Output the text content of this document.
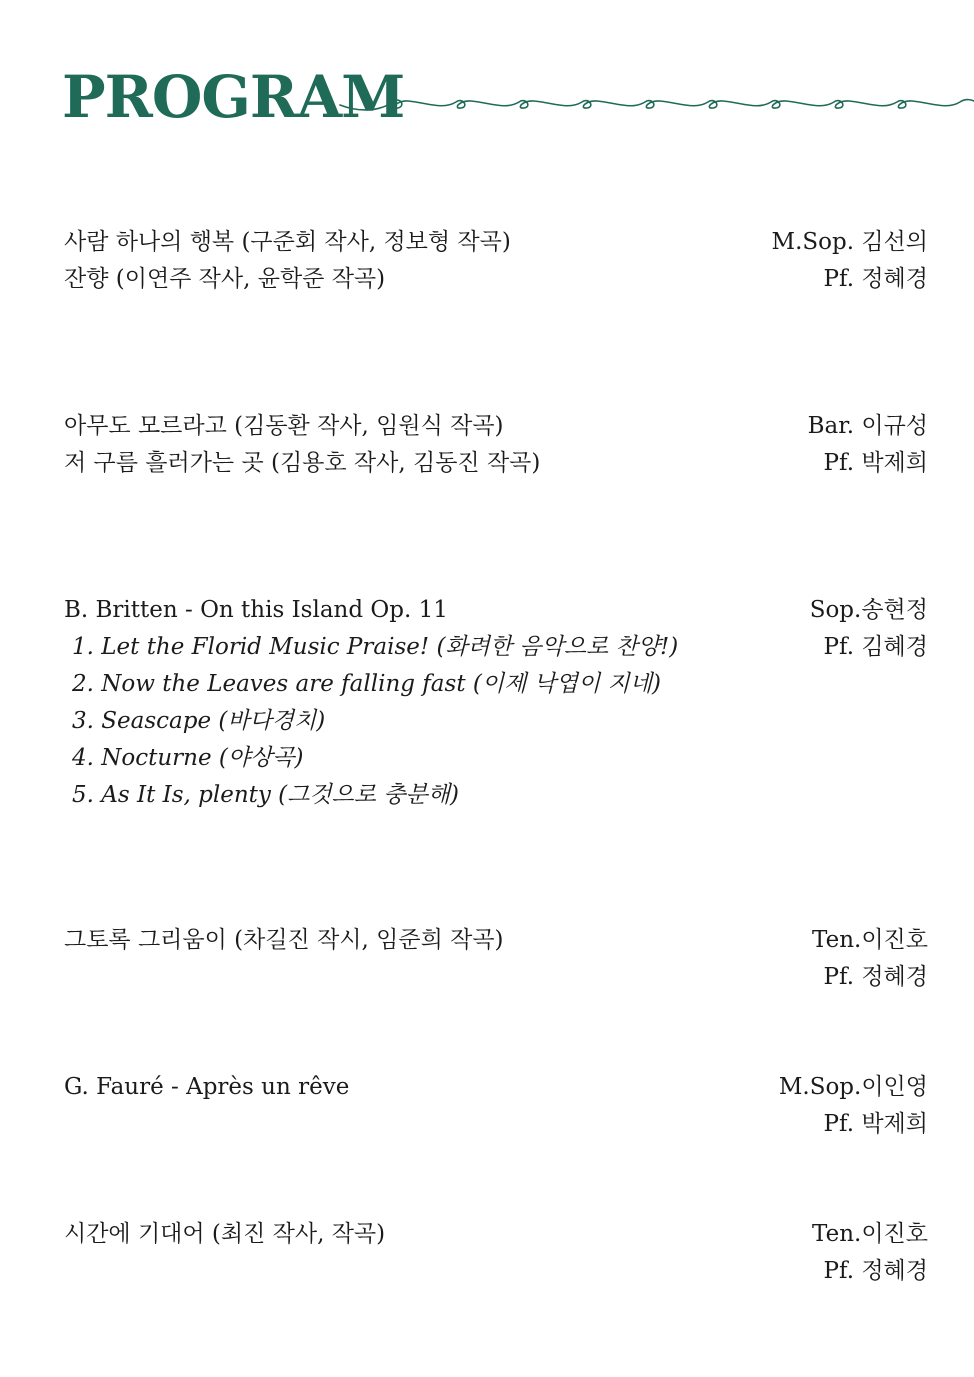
PROGRAM
사람 하나의 행복 (구준회 작사, 정보형 작곡)	M.Sop. 김선의
잔향 (이연주 작사, 윤학준 작곡)	Pf. 정혜경
아무도 모르라고 (김동환 작사, 임원식 작곡)	Bar. 이규성
저 구름 흘러가는 곳 (김용호 작사, 김동진 작곡)	Pf. 박제희
B. Britten - On this Island Op. 11	Sop.송현정
1. Let the Florid Music Praise! (화려한 음악으로 찬양!)	Pf. 김혜경
2. Now the Leaves are falling fast (이제 낙엽이 지네)
3. Seascape (바다경치)
4. Nocturne (야상곡)
5. As It Is, plenty (그것으로 충분해)
그토록 그리움이 (차길진 작시, 임준희 작곡)	Ten.이진호
Pf. 정혜경
G. Fauré - Après un rêve	M.Sop.이인영
Pf. 박제희
시간에 기대어 (최진 작사, 작곡)	Ten.이진호
Pf. 정혜경
